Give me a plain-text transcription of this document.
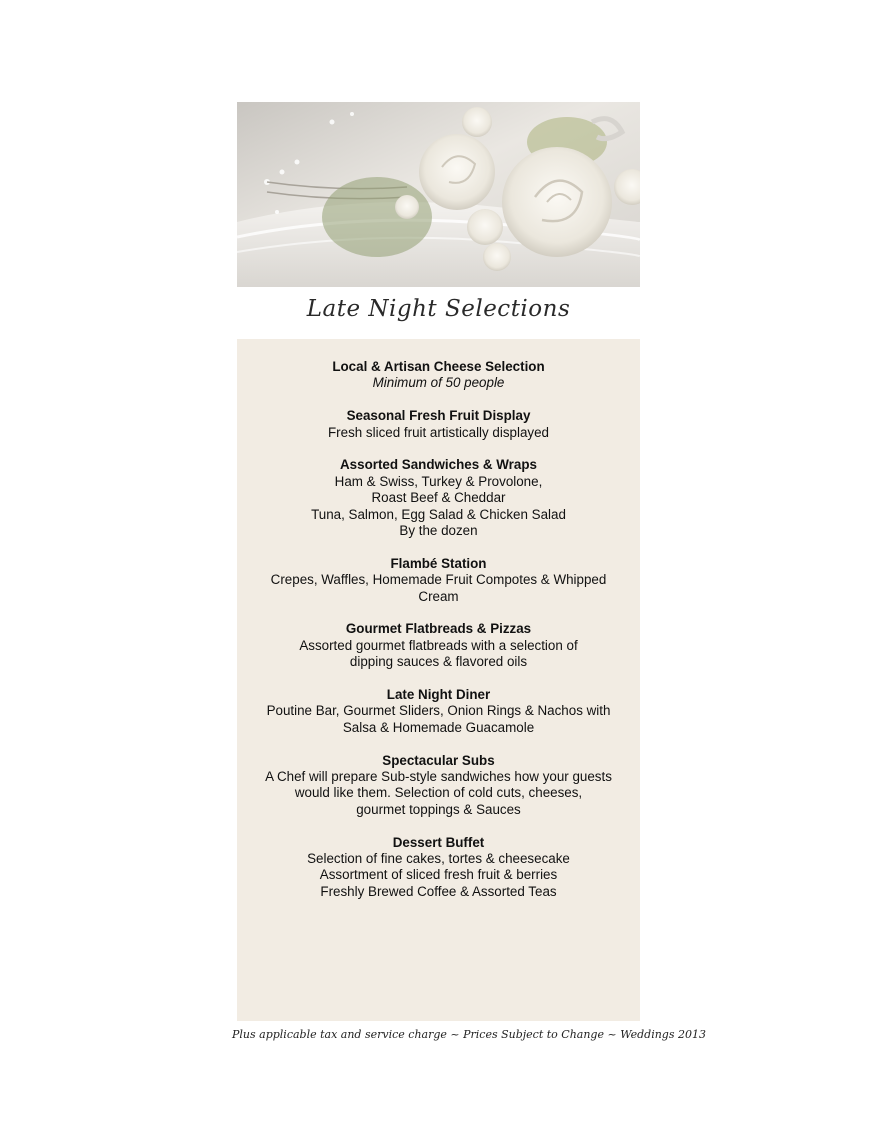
Late Night Selections
Local & Artisan Cheese Selection
Minimum of 50 people
Seasonal Fresh Fruit Display
Fresh sliced fruit artistically displayed
Assorted Sandwiches & Wraps
Ham & Swiss, Turkey & Provolone,
Roast Beef & Cheddar
Tuna, Salmon, Egg Salad & Chicken Salad
By the dozen
Flambé Station
Crepes, Waffles, Homemade Fruit Compotes & Whipped
Cream
Gourmet Flatbreads & Pizzas
Assorted gourmet flatbreads with a selection of
dipping sauces & flavored oils
Late Night Diner
Poutine Bar, Gourmet Sliders, Onion Rings & Nachos with
Salsa & Homemade Guacamole
Spectacular Subs
A Chef will prepare Sub-style sandwiches how your guests
would like them. Selection of cold cuts, cheeses,
gourmet toppings & Sauces
Dessert Buffet
Selection of fine cakes, tortes & cheesecake
Assortment of sliced fresh fruit & berries
Freshly Brewed Coffee & Assorted Teas
Plus applicable tax and service charge ~ Prices Subject to Change ~ Weddings 2013
